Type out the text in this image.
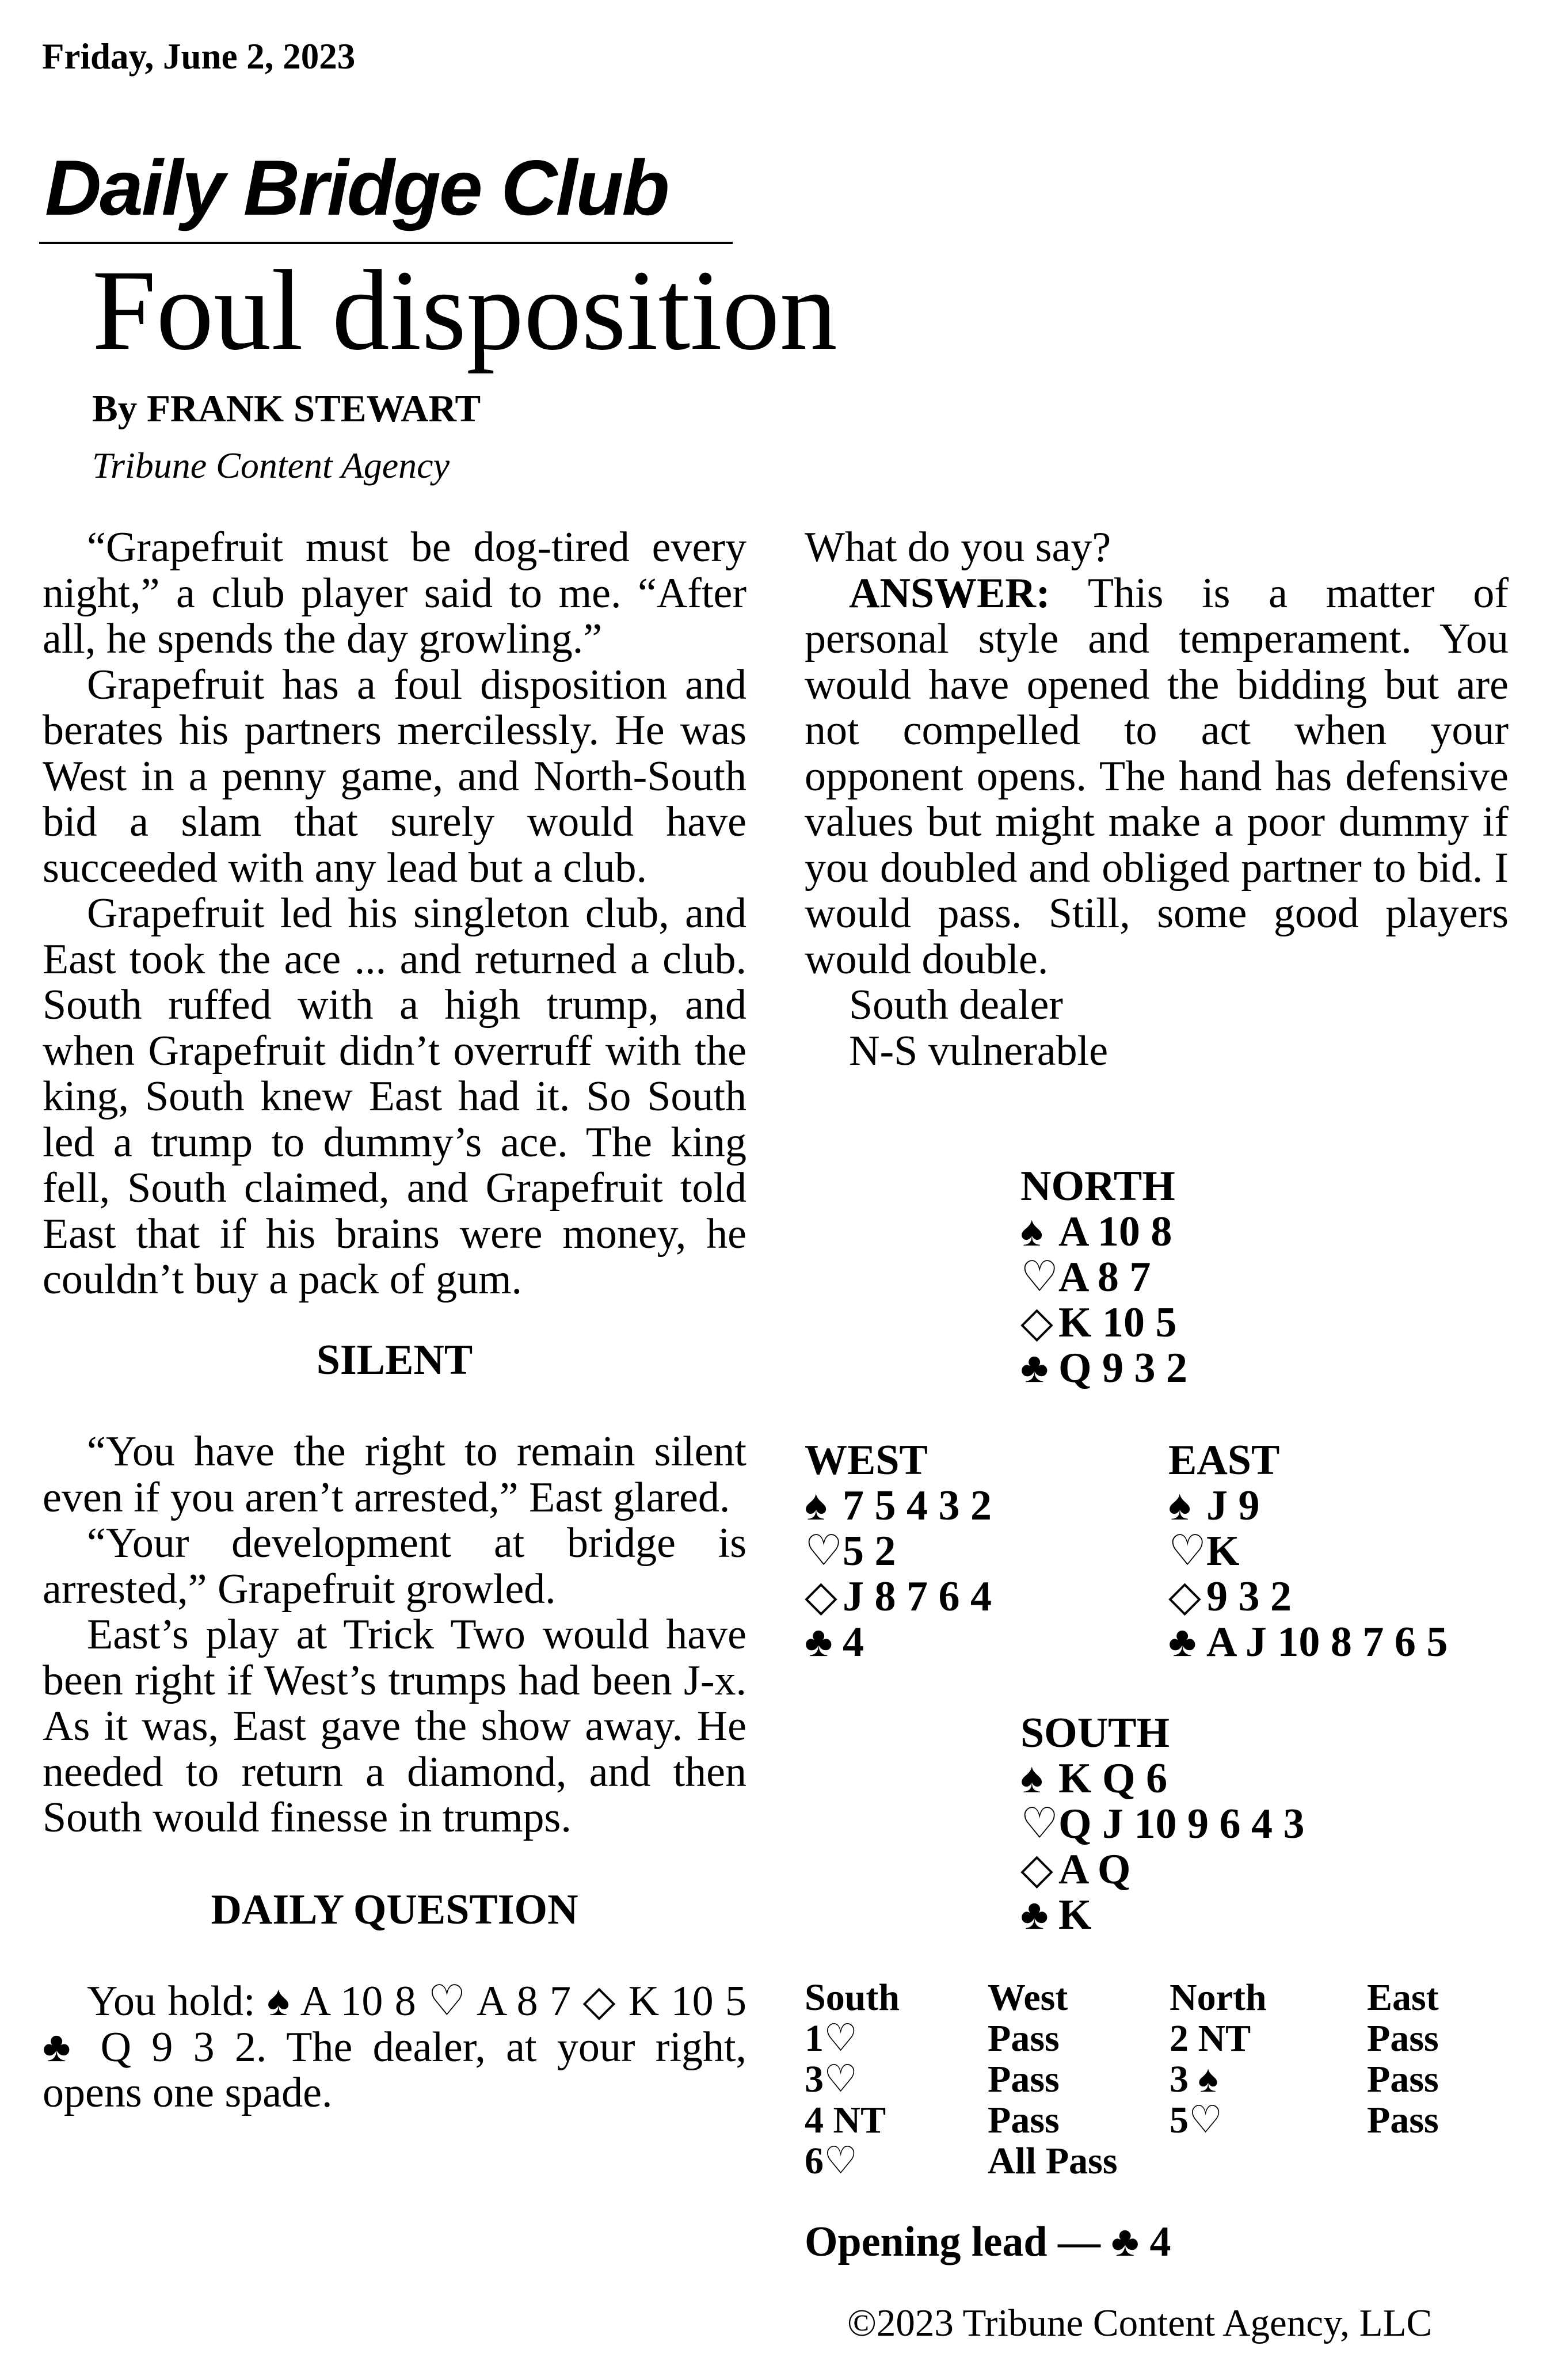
Friday, June 2, 2023
Daily Bridge Club
Foul disposition
By FRANK STEWART
Tribune Content Agency

“Grapefruit must be dog-tired every night,” a club player said to me. “After all, he spends the day growling.”

Grapefruit has a foul disposition and berates his partners mercilessly. He was West in a penny game, and North-South bid a slam that surely would have succeeded with any lead but a club.

Grapefruit led his singleton club, and East took the ace ... and returned a club. South ruffed with a high trump, and when Grapefruit didn’t overruff with the king, South knew East had it. So South led a trump to dummy’s ace. The king fell, South claimed, and Grapefruit told East that if his brains were money, he couldn’t buy a pack of gum.

SILENT

“You have the right to remain silent even if you aren’t arrested,” East glared.

“Your development at bridge is arrested,” Grapefruit growled.

East’s play at Trick Two would have been right if West’s trumps had been J-x. As it was, East gave the show away. He needed to return a diamond, and then South would finesse in trumps.

DAILY QUESTION

You hold: ♠ A 10 8 ♡ A 8 7 ◇ K 10 5 ♣ Q 9 3 2. The dealer, at your right, opens one spade.

What do you say?

ANSWER: This is a matter of personal style and temperament. You would have opened the bidding but are not compelled to act when your opponent opens. The hand has defensive values but might make a poor dummy if you doubled and obliged partner to bid. I would pass. Still, some good players would double.

South dealer

N-S vulnerable

NORTH
♠ A 10 8
♡A 8 7
◇ K 10 5
♣ Q 9 3 2
WEST
♠ 7 5 4 3 2
♡5 2
◇ J 8 7 6 4
♣ 4
EAST
♠ J 9
♡K
◇ 9 3 2
♣ A J 10 8 7 6 5
SOUTH
♠ K Q 6
♡Q J 10 9 6 4 3
◇ A Q
♣ K
South
1♡
3♡
4 NT
6♡
West
Pass
Pass
Pass
All Pass
North
2 NT
3 ♠
5♡
East
Pass
Pass
Pass
Opening lead — ♣ 4
©2023 Tribune Content Agency, LLC
